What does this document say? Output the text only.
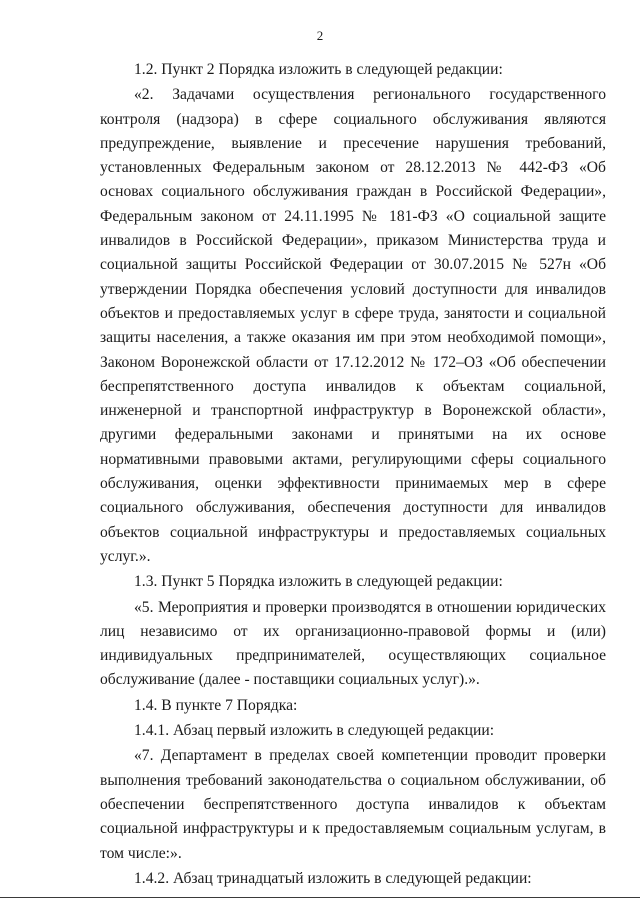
2

1.2. Пункт 2 Порядка изложить в следующей редакции:

«2. Задачами осуществления регионального государственного контроля (надзора) в сфере социального обслуживания являются предупреждение, выявление и пресечение нарушения требований, установленных Федеральным законом от 28.12.2013 № 442-ФЗ «Об основах социального обслуживания граждан в Российской Федерации», Федеральным законом от 24.11.1995 № 181-ФЗ «О социальной защите инвалидов в Российской Федерации», приказом Министерства труда и социальной защиты Российской Федерации от 30.07.2015 № 527н «Об утверждении Порядка обеспечения условий доступности для инвалидов объектов и предоставляемых услуг в сфере труда, занятости и социальной защиты населения, а также оказания им при этом необходимой помощи», Законом Воронежской области от 17.12.2012 № 172–ОЗ «Об обеспечении беспрепятственного доступа инвалидов к объектам социальной, инженерной и транспортной инфраструктур в Воронежской области», другими федеральными законами и принятыми на их основе нормативными правовыми актами, регулирующими сферы социального обслуживания, оценки эффективности принимаемых мер в сфере социального обслуживания, обеспечения доступности для инвалидов объектов социальной инфраструктуры и предоставляемых социальных услуг.».

1.3. Пункт 5 Порядка изложить в следующей редакции:

«5. Мероприятия и проверки производятся в отношении юридических лиц независимо от их организационно-правовой формы и (или) индивидуальных предпринимателей, осуществляющих социальное обслуживание (далее - поставщики социальных услуг).».

1.4. В пункте 7 Порядка:

1.4.1. Абзац первый изложить в следующей редакции:

«7. Департамент в пределах своей компетенции проводит проверки выполнения требований законодательства о социальном обслуживании, об обеспечении беспрепятственного доступа инвалидов к объектам социальной инфраструктуры и к предоставляемым социальным услугам, в том числе:».

1.4.2. Абзац тринадцатый изложить в следующей редакции:
